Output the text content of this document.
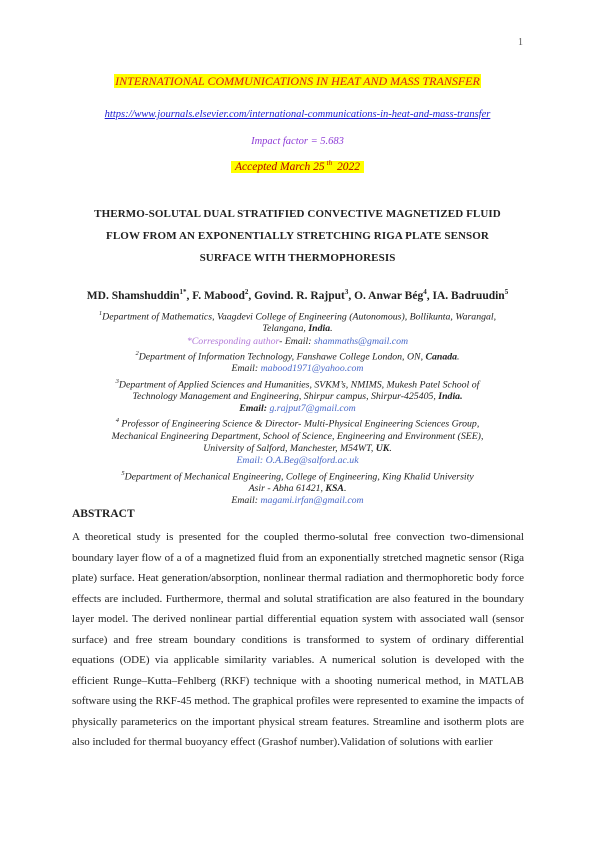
1
INTERNATIONAL COMMUNICATIONS IN HEAT AND MASS TRANSFER
https://www.journals.elsevier.com/international-communications-in-heat-and-mass-transfer
Impact factor = 5.683
Accepted March 25 $^{th}$ 2022
THERMO-SOLUTAL DUAL STRATIFIED CONVECTIVE MAGNETIZED FLUID
FLOW FROM AN EXPONENTIALLY STRETCHING RIGA PLATE SENSOR
SURFACE WITH THERMOPHORESIS
MD. Shamshuddin$^{1*}$, F. Mabood$^2$, Govind. R. Rajput$^3$, O. Anwar Bég$^4$, IA. Badruudin$^5$
$^1$Department of Mathematics, Vaagdevi College of Engineering (Autonomous), Bollikunta, Warangal,
Telangana, India.
*Corresponding author- Email: shammaths@gmail.com
$^2$Department of Information Technology, Fanshawe College London, ON, Canada.
Email: mabood1971@yahoo.com
$^3$Department of Applied Sciences and Humanities, SVKM’s, NMIMS, Mukesh Patel School of
Technology Management and Engineering, Shirpur campus, Shirpur-425405, India.
Email: g.rajput7@gmail.com
$^4$ Professor of Engineering Science & Director- Multi-Physical Engineering Sciences Group,
Mechanical Engineering Department, School of Science, Engineering and Environment (SEE),
University of Salford, Manchester, M54WT, UK.
Email: O.A.Beg@salford.ac.uk
$^5$Department of Mechanical Engineering, College of Engineering, King Khalid University
Asir - Abha 61421, KSA.
Email: magami.irfan@gmail.com
ABSTRACT
A theoretical study is presented for the coupled thermo-solutal free convection two-dimensional boundary layer flow of a of a magnetized fluid from an exponentially stretched magnetic sensor (Riga plate) surface. Heat generation/absorption, nonlinear thermal radiation and thermophoretic body force effects are included. Furthermore, thermal and solutal stratification are also featured in the boundary layer model. The derived nonlinear partial differential equation system with associated wall (sensor surface) and free stream boundary conditions is transformed to system of ordinary differential equations (ODE) via applicable similarity variables. A numerical solution is developed with the efficient Runge–Kutta–Fehlberg (RKF) technique with a shooting numerical method, in MATLAB software using the RKF-45 method. The graphical profiles were represented to examine the impacts of physically parameterics on the important physical stream features. Streamline and isotherm plots are also included for thermal buoyancy effect (Grashof number).Validation of solutions with earlier
